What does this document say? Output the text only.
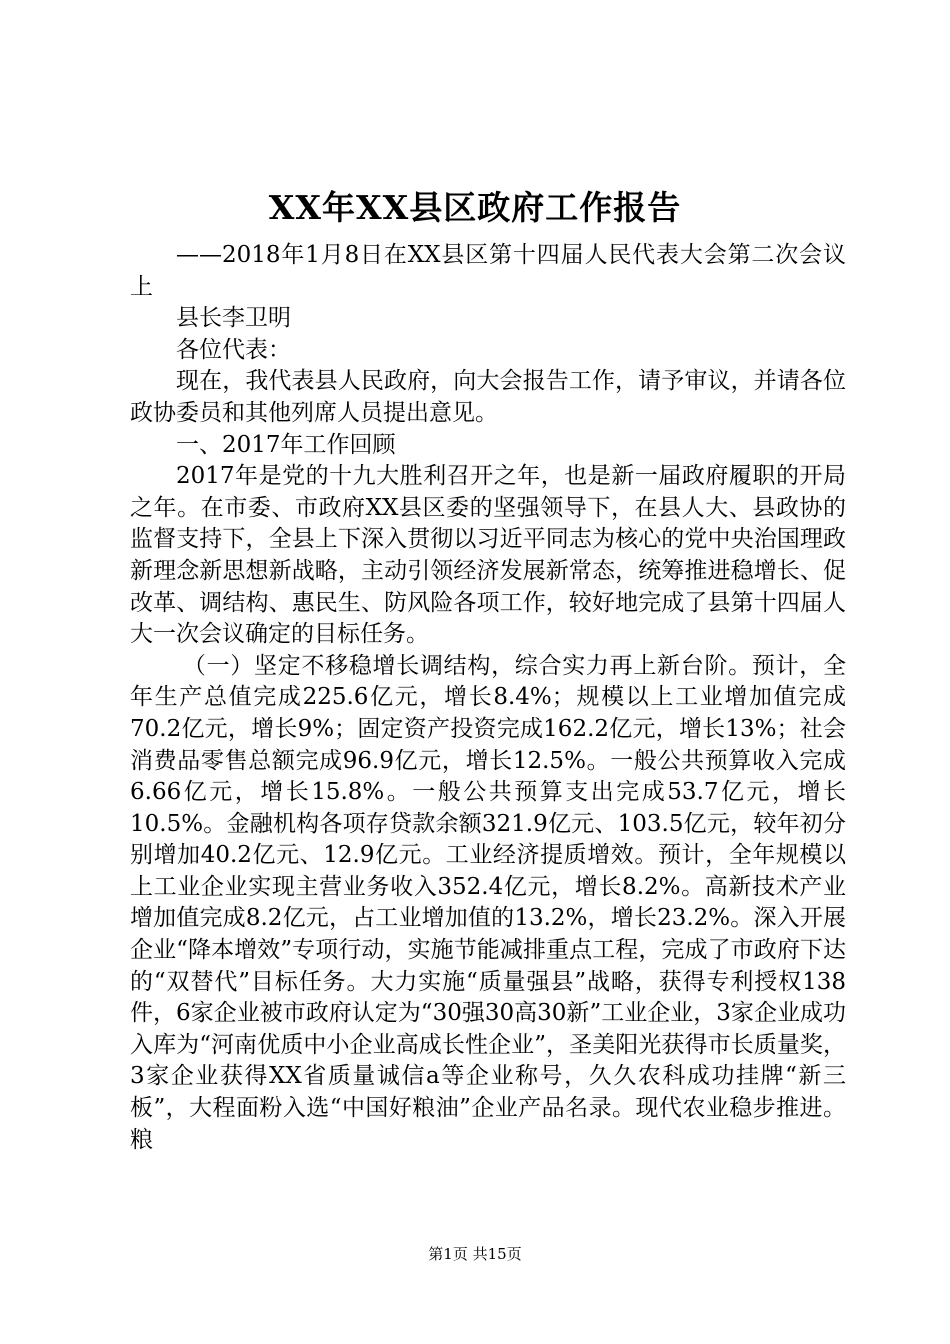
XX年XX县区政府工作报告

——2018年1月8日在XX县区第十四届人民代表大会第二次会议上

县长李卫明

各位代表：

现在，我代表县人民政府，向大会报告工作，请予审议，并请各位政协委员和其他列席人员提出意见。

一、2017年工作回顾

2017年是党的十九大胜利召开之年，也是新一届政府履职的开局之年。在市委、市政府XX县区委的坚强领导下，在县人大、县政协的监督支持下，全县上下深入贯彻以习近平同志为核心的党中央治国理政新理念新思想新战略，主动引领经济发展新常态，统筹推进稳增长、促改革、调结构、惠民生、防风险各项工作，较好地完成了县第十四届人大一次会议确定的目标任务。

（一）坚定不移稳增长调结构，综合实力再上新台阶。预计，全年生产总值完成225.6亿元，增长8.4%；规模以上工业增加值完成70.2亿元，增长9%；固定资产投资完成162.2亿元，增长13%；社会消费品零售总额完成96.9亿元，增长12.5%。一般公共预算收入完成6.66亿元，增长15.8%。一般公共预算支出完成53.7亿元，增长10.5%。金融机构各项存贷款余额321.9亿元、103.5亿元，较年初分别增加40.2亿元、12.9亿元。工业经济提质增效。预计，全年规模以上工业企业实现主营业务收入352.4亿元，增长8.2%。高新技术产业增加值完成8.2亿元，占工业增加值的13.2%，增长23.2%。深入开展企业“降本增效”专项行动，实施节能减排重点工程，完成了市政府下达的“双替代”目标任务。大力实施“质量强县”战略，获得专利授权138件，6家企业被市政府认定为“30强30高30新”工业企业，3家企业成功入库为“河南优质中小企业高成长性企业”，圣美阳光获得市长质量奖，3家企业获得XX省质量诚信a等企业称号，久久农科成功挂牌“新三板”，大程面粉入选“中国好粮油”企业产品名录。现代农业稳步推进。粮

第1页 共15页
